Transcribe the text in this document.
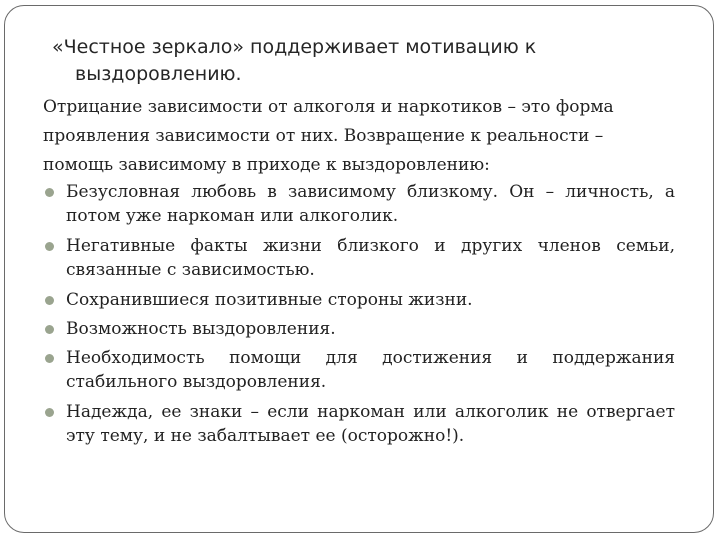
«Честное зеркало» поддерживает мотивацию к
выздоровлению.

Отрицание зависимости от алкоголя и наркотиков – это форма
проявления зависимости от них. Возвращение к реальности –
помощь зависимому в приходе к выздоровлению:

Безусловная любовь в зависимому близкому. Он – личность, а потом уже наркоман или алкоголик.
Негативные факты жизни близкого и других членов семьи, связанные с зависимостью.
Сохранившиеся позитивные стороны жизни.
Возможность выздоровления.
Необходимость помощи для достижения и поддержания стабильного выздоровления.
Надежда, ее знаки – если наркоман или алкоголик не отвергает эту тему, и не забалтывает ее (осторожно!).
